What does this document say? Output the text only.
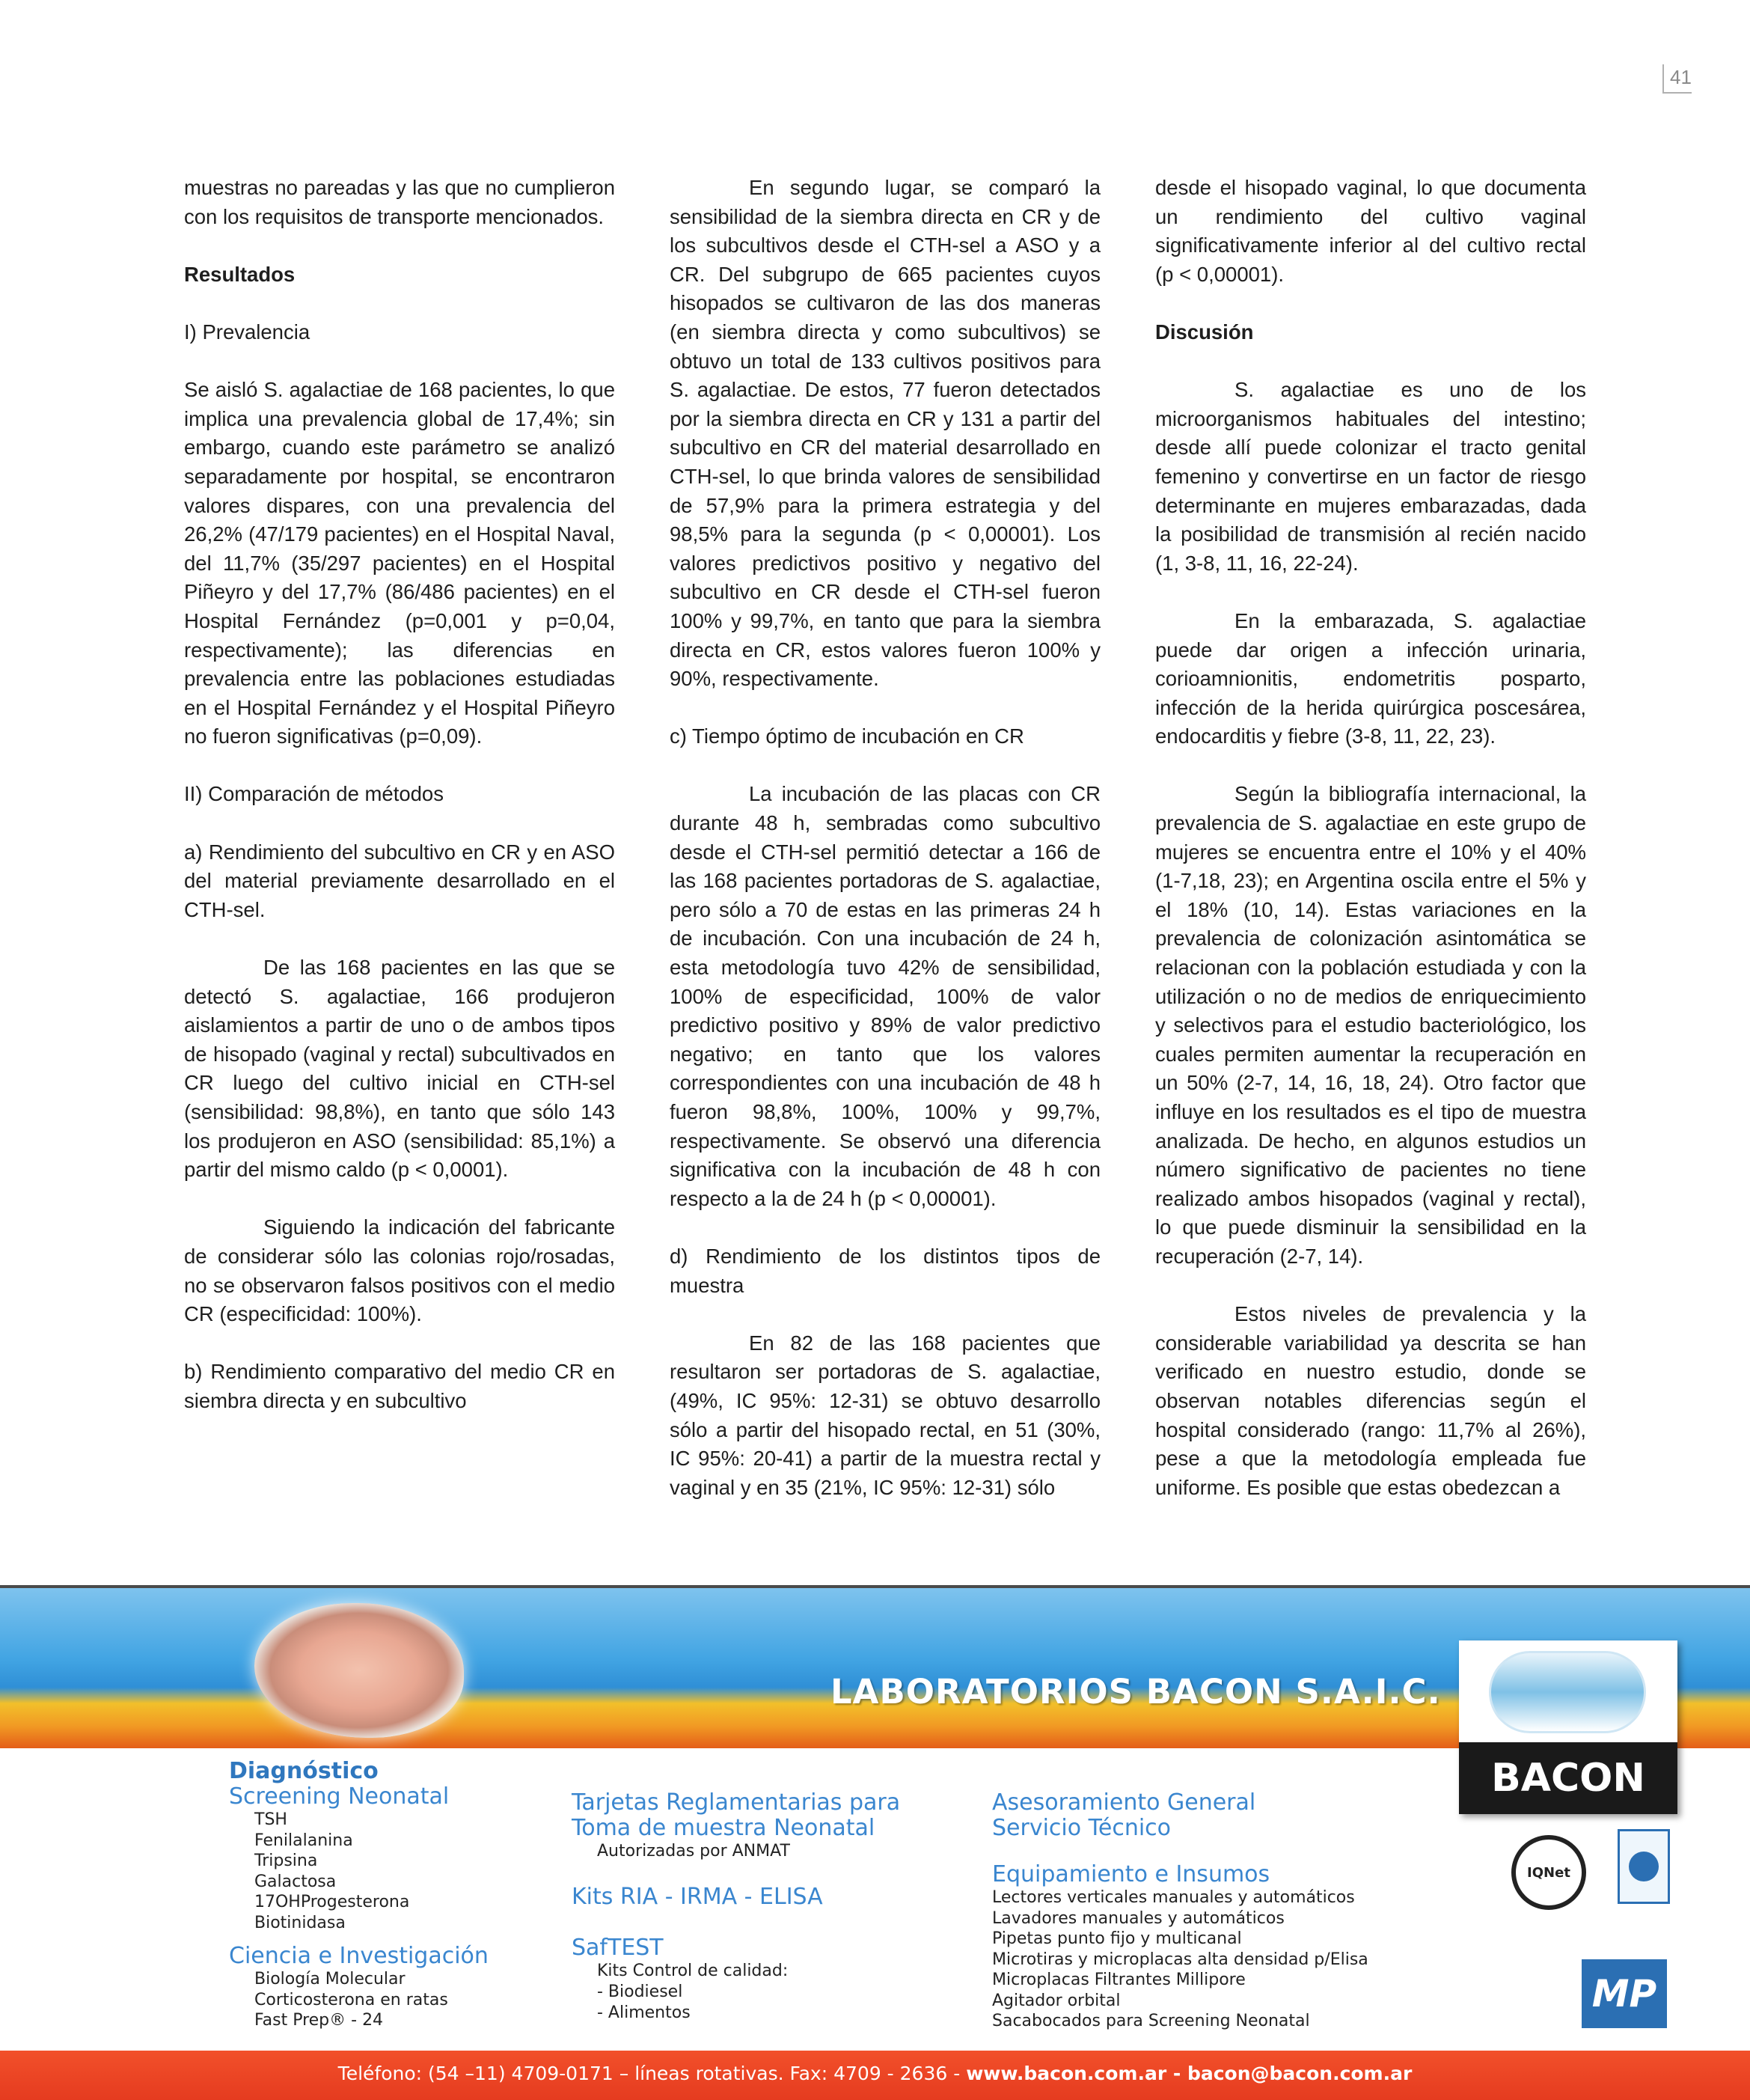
41

muestras no pareadas y las que no cumplieron con los requisitos de transporte mencionados.

Resultados

I) Prevalencia

Se aisló S. agalactiae de 168 pacientes, lo que implica una prevalencia global de 17,4%; sin embargo, cuando este parámetro se analizó separadamente por hospital, se encontraron valores dispares, con una prevalencia del 26,2% (47/179 pacientes) en el Hospital Naval, del 11,7% (35/297 pacientes) en el Hospital Piñeyro y del 17,7% (86/486 pacientes) en el Hospital Fernández (p=0,001 y p=0,04, respectivamente); las diferencias en prevalencia entre las poblaciones estudiadas en el Hospital Fernández y el Hospital Piñeyro no fueron significativas (p=0,09).

II) Comparación de métodos

a) Rendimiento del subcultivo en CR y en ASO del material previamente desarrollado en el CTH-sel.

De las 168 pacientes en las que se detectó S. agalactiae, 166 produjeron aislamientos a partir de uno o de ambos tipos de hisopado (vaginal y rectal) subcultivados en CR luego del cultivo inicial en CTH-sel (sensibilidad: 98,8%), en tanto que sólo 143 los produjeron en ASO (sensibilidad: 85,1%) a partir del mismo caldo (p < 0,0001).

Siguiendo la indicación del fabricante de considerar sólo las colonias rojo/rosadas, no se observaron falsos positivos con el medio CR (especificidad: 100%).

b) Rendimiento comparativo del medio CR en siembra directa y en subcultivo

En segundo lugar, se comparó la sensibilidad de la siembra directa en CR y de los subcultivos desde el CTH-sel a ASO y a CR. Del subgrupo de 665 pacientes cuyos hisopados se cultivaron de las dos maneras (en siembra directa y como subcultivos) se obtuvo un total de 133 cultivos positivos para S. agalactiae. De estos, 77 fueron detectados por la siembra directa en CR y 131 a partir del subcultivo en CR del material desarrollado en CTH-sel, lo que brinda valores de sensibilidad de 57,9% para la primera estrategia y del 98,5% para la segunda (p < 0,00001). Los valores predictivos positivo y negativo del subcultivo en CR desde el CTH-sel fueron 100% y 99,7%, en tanto que para la siembra directa en CR, estos valores fueron 100% y 90%, respectivamente.

c) Tiempo óptimo de incubación en CR

La incubación de las placas con CR durante 48 h, sembradas como subcultivo desde el CTH-sel permitió detectar a 166 de las 168 pacientes portadoras de S. agalactiae, pero sólo a 70 de estas en las primeras 24 h de incubación. Con una incubación de 24 h, esta metodología tuvo 42% de sensibilidad, 100% de especificidad, 100% de valor predictivo positivo y 89% de valor predictivo negativo; en tanto que los valores correspondientes con una incubación de 48 h fueron 98,8%, 100%, 100% y 99,7%, respectivamente. Se observó una diferencia significativa con la incubación de 48 h con respecto a la de 24 h (p < 0,00001).

d) Rendimiento de los distintos tipos de muestra

En 82 de las 168 pacientes que resultaron ser portadoras de S. agalactiae, (49%, IC 95%: 12-31) se obtuvo desarrollo sólo a partir del hisopado rectal, en 51 (30%, IC 95%: 20-41) a partir de la muestra rectal y vaginal y en 35 (21%, IC 95%: 12-31) sólo

desde el hisopado vaginal, lo que documenta un rendimiento del cultivo vaginal significativamente inferior al del cultivo rectal (p < 0,00001).

Discusión

S. agalactiae es uno de los microorganismos habituales del intestino; desde allí puede colonizar el tracto genital femenino y convertirse en un factor de riesgo determinante en mujeres embarazadas, dada la posibilidad de transmisión al recién nacido (1, 3-8, 11, 16, 22-24).

En la embarazada, S. agalactiae puede dar origen a infección urinaria, corioamnionitis, endometritis posparto, infección de la herida quirúrgica poscesárea, endocarditis y fiebre (3-8, 11, 22, 23).

Según la bibliografía internacional, la prevalencia de S. agalactiae en este grupo de mujeres se encuentra entre el 10% y el 40% (1-7,18, 23); en Argentina oscila entre el 5% y el 18% (10, 14). Estas variaciones en la prevalencia de colonización asintomática se relacionan con la población estudiada y con la utilización o no de medios de enriquecimiento y selectivos para el estudio bacteriológico, los cuales permiten aumentar la recuperación en un 50% (2-7, 14, 16, 18, 24). Otro factor que influye en los resultados es el tipo de muestra analizada. De hecho, en algunos estudios un número significativo de pacientes no tiene realizado ambos hisopados (vaginal y rectal), lo que puede disminuir la sensibilidad en la recuperación (2-7, 14).

Estos niveles de prevalencia y la considerable variabilidad ya descrita se han verificado en nuestro estudio, donde se observan notables diferencias según el hospital considerado (rango: 11,7% al 26%), pese a que la metodología empleada fue uniforme. Es posible que estas obedezcan a

LABORATORIOS BACON S.A.I.C.
BACON
Diagnóstico
Screening Neonatal
TSH
Fenilalanina
Tripsina
Galactosa
17OHProgesterona
Biotinidasa
Ciencia e Investigación
Biología Molecular
Corticosterona en ratas
Fast Prep® - 24
Tarjetas Reglamentarias para
Toma de muestra Neonatal
Autorizadas por ANMAT
Kits RIA - IRMA - ELISA
SafTEST
Kits Control de calidad:
- Biodiesel
- Alimentos
Asesoramiento General
Servicio Técnico
Equipamiento e Insumos
Lectores verticales manuales y automáticos
Lavadores manuales y automáticos
Pipetas punto fijo y multicanal
Microtiras y microplacas alta densidad p/Elisa
Microplacas Filtrantes Millipore
Agitador orbital
Sacabocados para Screening Neonatal
IQNet
MP
Teléfono: (54 –11) 4709-0171 – líneas rotativas. Fax: 4709 - 2636 - www.bacon.com.ar - bacon@bacon.com.ar
